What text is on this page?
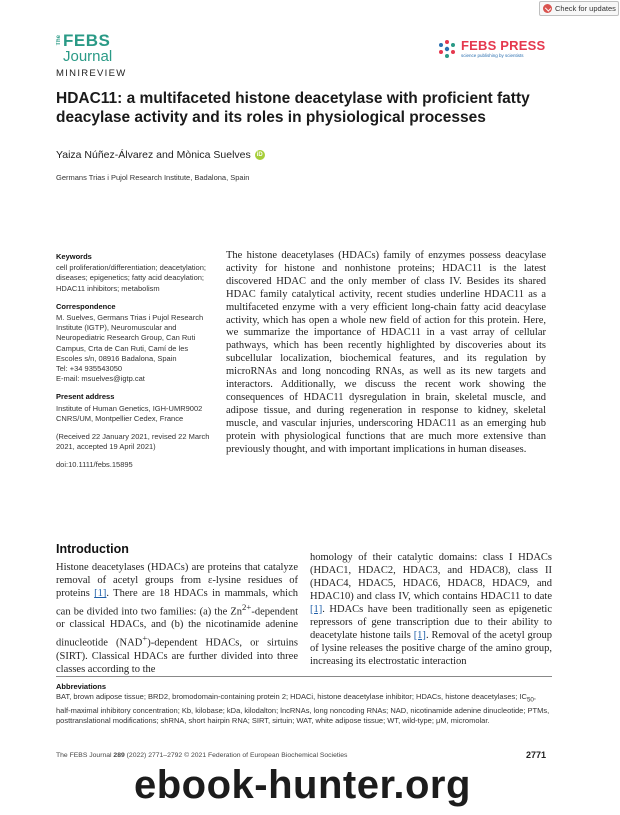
Check for updates
The FEBS
Journal
FEBS PRESS
science publishing by scientists
MINIREVIEW
HDAC11: a multifaceted histone deacetylase with proficient fatty deacylase activity and its roles in physiological processes
Yaiza Núñez-Álvarez and Mònica Suelves	iD
Germans Trias i Pujol Research Institute, Badalona, Spain

Keywords

cell proliferation/differentiation; deacetylation; diseases; epigenetics; fatty acid deacylation; HDAC11 inhibitors; metabolism

Correspondence

M. Suelves, Germans Trias i Pujol Research Institute (IGTP), Neuromuscular and Neuropediatric Research Group, Can Ruti Campus, Crta de Can Ruti, Camí de les Escoles s/n, 08916 Badalona, Spain
Tel: +34 935543050
E-mail: msuelves@igtp.cat

Present address

Institute of Human Genetics, IGH-UMR9002 CNRS/UM, Montpellier Cedex, France
(Received 22 January 2021, revised 22 March 2021, accepted 19 April 2021)
doi:10.1111/febs.15895

The histone deacetylases (HDACs) family of enzymes possess deacylase activity for histone and nonhistone proteins; HDAC11 is the latest discovered HDAC and the only member of class IV. Besides its shared HDAC family catalytical activity, recent studies underline HDAC11 as a multifaceted enzyme with a very efficient long-chain fatty acid deacylase activity, which has open a whole new field of action for this protein. Here, we summarize the importance of HDAC11 in a vast array of cellular pathways, which has been recently highlighted by discoveries about its subcellular localization, biochemical features, and its regulation by microRNAs and long noncoding RNAs, as well as its new targets and interactors. Additionally, we discuss the recent work showing the consequences of HDAC11 dysregulation in brain, skeletal muscle, and adipose tissue, and during regeneration in response to kidney, skeletal muscle, and vascular injuries, underscoring HDAC11 as an emerging hub protein with physiological functions that are much more extensive than previously thought, and with important implications in human diseases.

Introduction

Histone deacetylases (HDACs) are proteins that catalyze removal of acetyl groups from ε-lysine residues of proteins [1]. There are 18 HDACs in mammals, which can be divided into two families: (a) the $Zn^{2+}$-dependent or classical HDACs, and (b) the nicotinamide adenine dinucleotide (NAD+)-dependent HDACs, or sirtuins (SIRT). Classical HDACs are further divided into three classes according to the

homology of their catalytic domains: class I HDACs (HDAC1, HDAC2, HDAC3, and HDAC8), class II (HDAC4, HDAC5, HDAC6, HDAC8, HDAC9, and HDAC10) and class IV, which contains HDAC11 to date [1]. HDACs have been traditionally seen as epigenetic repressors of gene transcription due to their ability to deacetylate histone tails [1]. Removal of the acetyl group of lysine releases the positive charge of the amino group, increasing its electrostatic interaction

Abbreviations
BAT, brown adipose tissue; BRD2, bromodomain-containing protein 2; HDACi, histone deacetylase inhibitor; HDACs, histone deacetylases; $IC_{50}$, half-maximal inhibitory concentration; Kb, kilobase; kDa, kilodalton; lncRNAs, long noncoding RNAs; NAD, nicotinamide adenine dinucleotide; PTMs, posttranslational modifications; shRNA, short hairpin RNA; SIRT, sirtuin; WAT, white adipose tissue; WT, wild-type; μM, micromolar.
The FEBS Journal 289 (2022) 2771–2792 © 2021 Federation of European Biochemical Societies	2771
ebook-hunter.org
